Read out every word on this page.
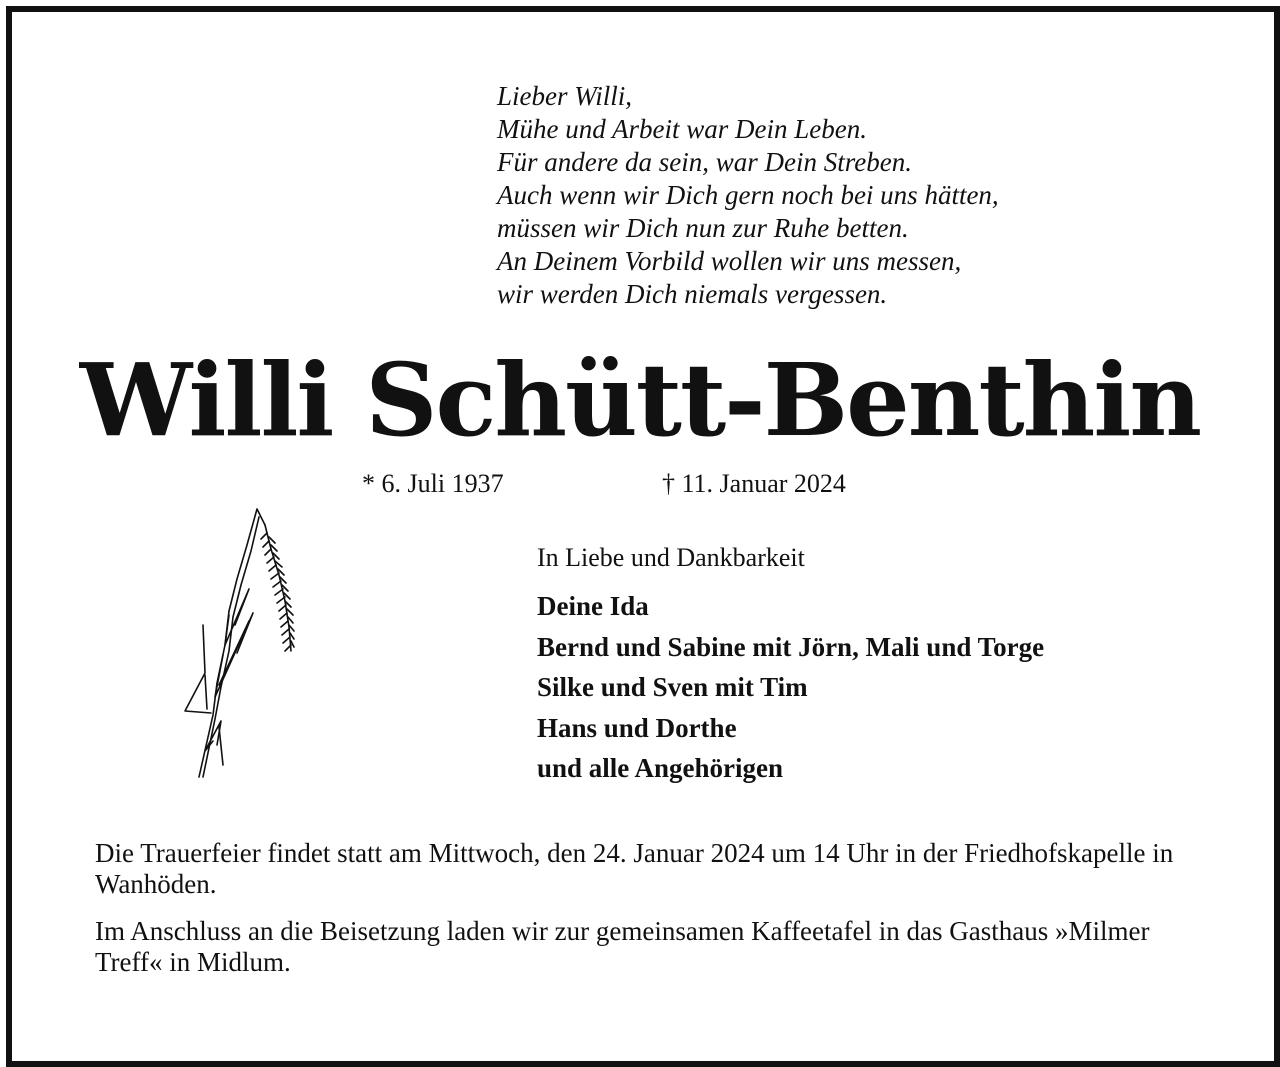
Lieber Willi,
Mühe und Arbeit war Dein Leben.
Für andere da sein, war Dein Streben.
Auch wenn wir Dich gern noch bei uns hätten,
müssen wir Dich nun zur Ruhe betten.
An Deinem Vorbild wollen wir uns messen,
wir werden Dich niemals vergessen.
Willi Schütt-Benthin
* 6. Juli 1937	† 11. Januar 2024
In Liebe und Dankbarkeit
Deine Ida
Bernd und Sabine mit Jörn, Mali und Torge
Silke und Sven mit Tim
Hans und Dorthe
und alle Angehörigen
Die Trauerfeier findet statt am Mittwoch, den 24. Januar 2024 um 14 Uhr in der Friedhofskapelle in Wanhöden.
Im Anschluss an die Beisetzung laden wir zur gemeinsamen Kaffeetafel in das Gasthaus »Milmer Treff« in Midlum.
